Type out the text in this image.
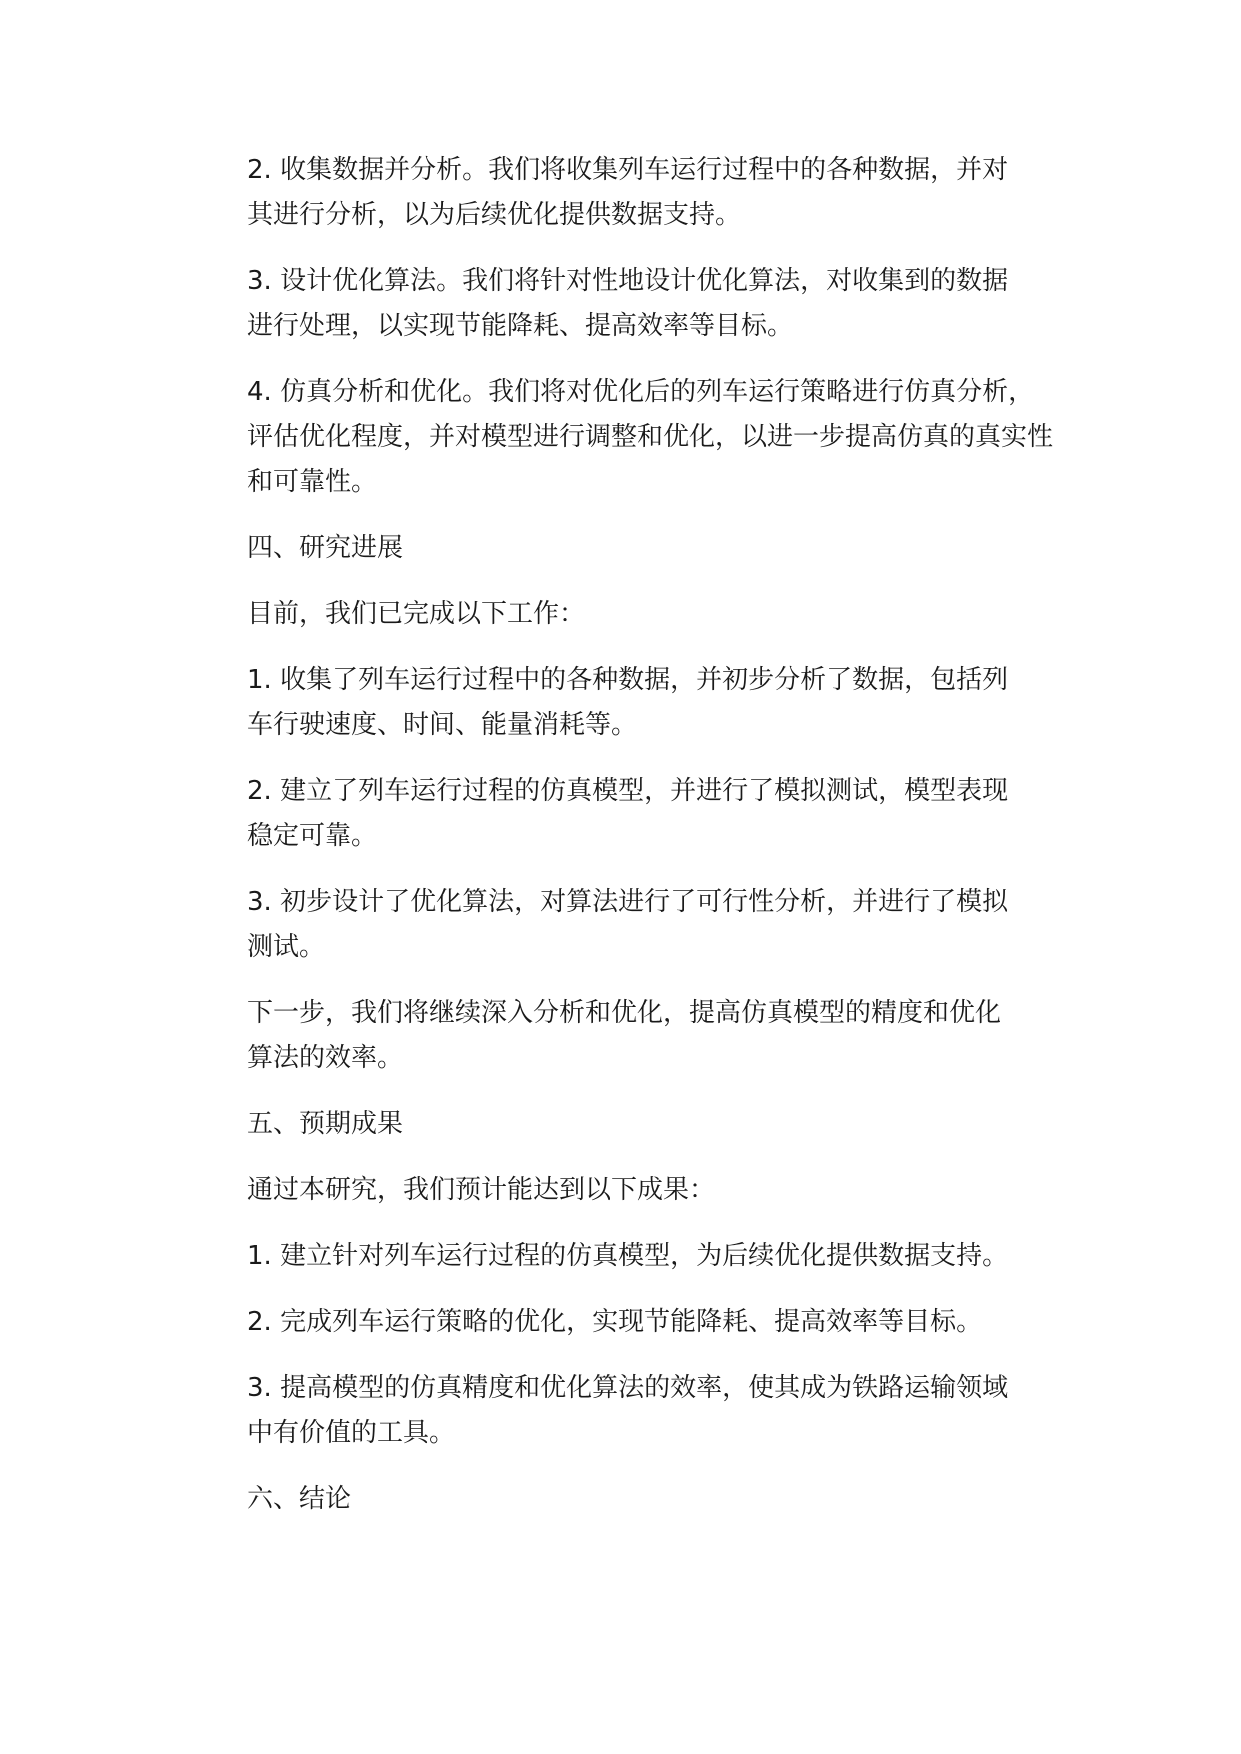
2. 收集数据并分析。我们将收集列车运行过程中的各种数据，并对
其进行分析，以为后续优化提供数据支持。
3. 设计优化算法。我们将针对性地设计优化算法，对收集到的数据
进行处理，以实现节能降耗、提高效率等目标。
4. 仿真分析和优化。我们将对优化后的列车运行策略进行仿真分析，
评估优化程度，并对模型进行调整和优化，以进一步提高仿真的真实性
和可靠性。
四、研究进展
目前，我们已完成以下工作：
1. 收集了列车运行过程中的各种数据，并初步分析了数据，包括列
车行驶速度、时间、能量消耗等。
2. 建立了列车运行过程的仿真模型，并进行了模拟测试，模型表现
稳定可靠。
3. 初步设计了优化算法，对算法进行了可行性分析，并进行了模拟
测试。
下一步，我们将继续深入分析和优化，提高仿真模型的精度和优化
算法的效率。
五、预期成果
通过本研究，我们预计能达到以下成果：
1. 建立针对列车运行过程的仿真模型，为后续优化提供数据支持。
2. 完成列车运行策略的优化，实现节能降耗、提高效率等目标。
3. 提高模型的仿真精度和优化算法的效率，使其成为铁路运输领域
中有价值的工具。
六、结论
